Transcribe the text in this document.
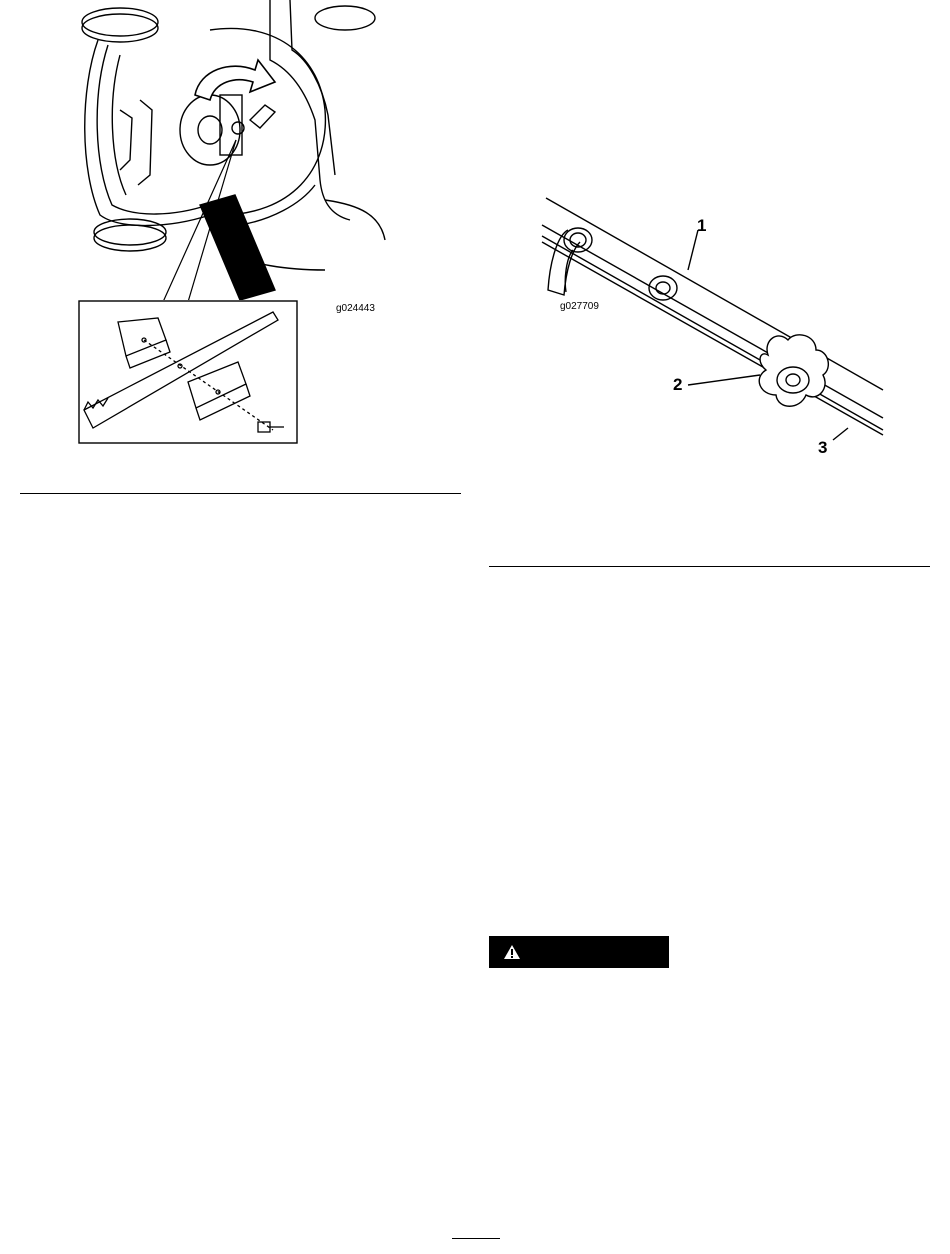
g024443
1
2
3
g027709
